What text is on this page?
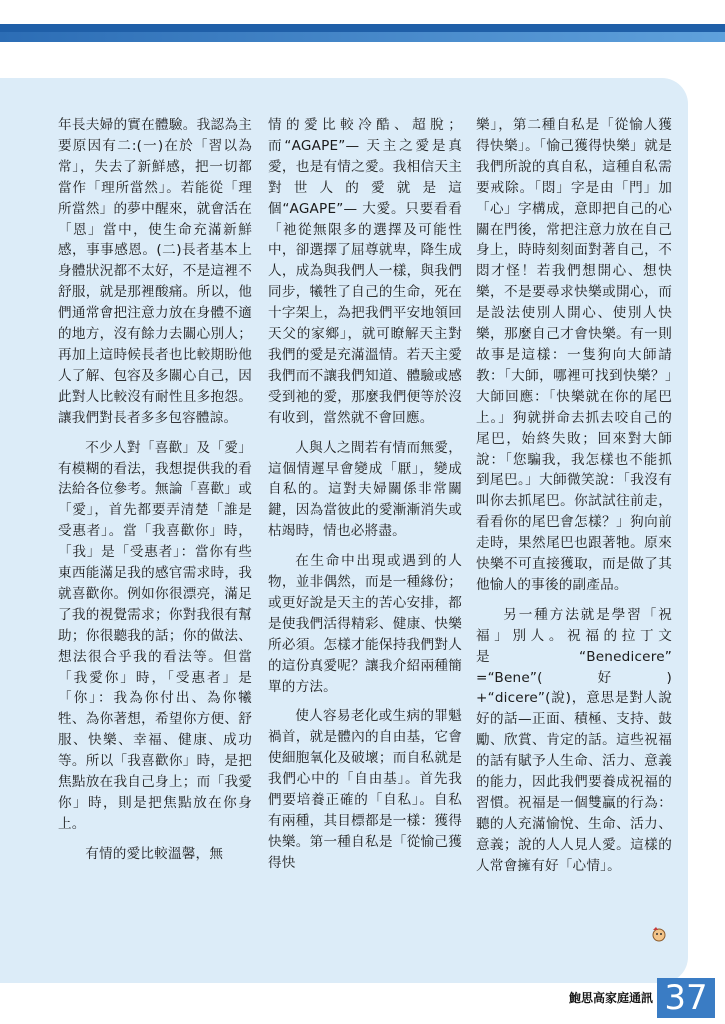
年長夫婦的實在體驗。我認為主要原因有二:(一)在於「習以為常」，失去了新鮮感，把一切都當作「理所當然」。若能從「理所當然」的夢中醒來，就會活在「恩」當中，使生命充滿新鮮感，事事感恩。(二)長者基本上身體狀況都不太好，不是這裡不舒服，就是那裡酸痛。所以，他們通常會把注意力放在身體不適的地方，沒有餘力去關心別人；再加上這時候長者也比較期盼他人了解、包容及多關心自己，因此對人比較沒有耐性且多抱怨。讓我們對長者多多包容體諒。

不少人對「喜歡」及「愛」有模糊的看法，我想提供我的看法給各位參考。無論「喜歡」或「愛」，首先都要弄清楚「誰是受惠者」。當「我喜歡你」時，「我」是「受惠者」：當你有些東西能滿足我的感官需求時，我就喜歡你。例如你很漂亮，滿足了我的視覺需求；你對我很有幫助；你很聽我的話；你的做法、想法很合乎我的看法等。但當「我愛你」時，「受惠者」是「你」：我為你付出、為你犧牲、為你著想，希望你方便、舒服、快樂、幸福、健康、成功等。所以「我喜歡你」時，是把焦點放在我自己身上；而「我愛你」時，則是把焦點放在你身上。

有情的愛比較溫馨，無

情的愛比較冷酷、超脫；而“AGAPE”— 天主之愛是真愛，也是有情之愛。我相信天主對世人的愛就是這個“AGAPE”— 大愛。只要看看「祂從無限多的選擇及可能性中，卻選擇了屈尊就卑，降生成人，成為與我們人一樣，與我們同步，犧牲了自己的生命，死在十字架上，為把我們平安地領回天父的家鄉」，就可瞭解天主對我們的愛是充滿溫情。若天主愛我們而不讓我們知道、體驗或感受到祂的愛，那麼我們便等於沒有收到，當然就不會回應。

人與人之間若有情而無愛，這個情遲早會變成「厭」，變成自私的。這對夫婦關係非常關鍵，因為當彼此的愛漸漸消失或枯竭時，情也必將盡。

在生命中出現或遇到的人物，並非偶然，而是一種緣份；或更好說是天主的苦心安排，都是使我們活得精彩、健康、快樂所必須。怎樣才能保持我們對人的這份真愛呢？讓我介紹兩種簡單的方法。

使人容易老化或生病的罪魁禍首，就是體內的自由基，它會使細胞氧化及破壞；而自私就是我們心中的「自由基」。首先我們要培養正確的「自私」。自私有兩種，其目標都是一樣：獲得快樂。第一種自私是「從愉己獲得快

樂」，第二種自私是「從愉人獲得快樂」。「愉己獲得快樂」就是我們所說的真自私，這種自私需要戒除。「悶」字是由「門」加「心」字構成，意即把自己的心關在門後，常把注意力放在自己身上，時時刻刻面對著自己，不悶才怪！若我們想開心、想快樂，不是要尋求快樂或開心，而是設法使別人開心、使別人快樂，那麼自己才會快樂。有一則故事是這樣：一隻狗向大師請教：「大師，哪裡可找到快樂？」大師回應：「快樂就在你的尾巴上。」狗就拼命去抓去咬自己的尾巴，始終失敗；回來對大師說：「您騙我，我怎樣也不能抓到尾巴。」大師微笑說：「我沒有叫你去抓尾巴。你試試往前走，看看你的尾巴會怎樣？」狗向前走時，果然尾巴也跟著牠。原來快樂不可直接獲取，而是做了其他愉人的事後的副產品。

另一種方法就是學習「祝福」別人。祝福的拉丁文是“Benedicere” =“Bene”(好) +“dicere”(說)，意思是對人說好的話—正面、積極、支持、鼓勵、欣賞、肯定的話。這些祝福的話有賦予人生命、活力、意義的能力，因此我們要養成祝福的習慣。祝福是一個雙贏的行為：聽的人充滿愉悅、生命、活力、意義；說的人人見人愛。這樣的人常會擁有好「心情」。

鮑思高家庭通訊 37
